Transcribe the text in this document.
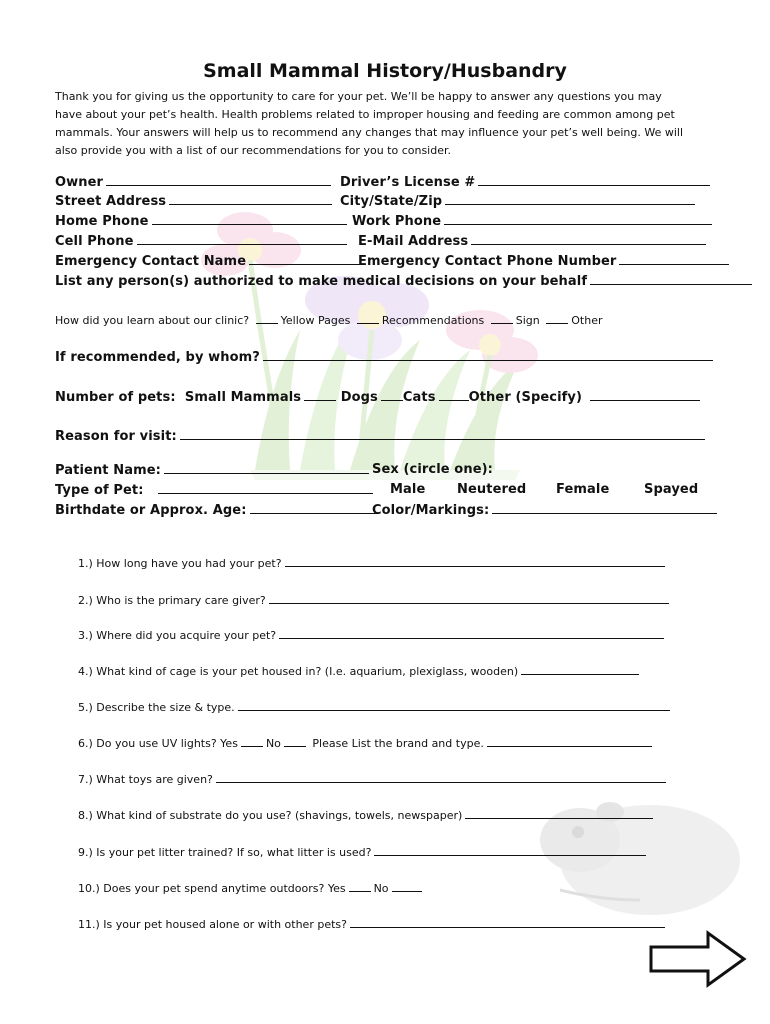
Small Mammal History/Husbandry
Thank you for giving us the opportunity to care for your pet. We’ll be happy to answer any questions you may
have about your pet’s health. Health problems related to improper housing and feeding are common among pet
mammals. Your answers will help us to recommend any changes that may influence your pet’s well being. We will
also provide you with a list of our recommendations for you to consider.
Owner	Driver’s License #
Street Address	City/State/Zip
Home Phone	Work Phone
Cell Phone	E-Mail Address
Emergency Contact Name	Emergency Contact Phone Number
List any person(s) authorized to make medical decisions on your behalf
How did you learn about our clinic?	Yellow Pages	Recommendations	Sign	Other
If recommended, by whom?
Number of pets: Small Mammals	Dogs Cats	Other (Specify)
Reason for visit:
Patient Name:	Sex (circle one):
Type of Pet:	Male Neutered Female	Spayed
Birthdate or Approx. Age:	Color/Markings:
1.) How long have you had your pet?
2.) Who is the primary care giver?
3.) Where did you acquire your pet?
4.) What kind of cage is your pet housed in? (I.e. aquarium, plexiglass, wooden)
5.) Describe the size & type.
6.) Do you use UV lights? Yes	No	Please List the brand and type.
7.) What toys are given?
8.) What kind of substrate do you use? (shavings, towels, newspaper)
9.) Is your pet litter trained? If so, what litter is used?
10.) Does your pet spend anytime outdoors? Yes	No
11.) Is your pet housed alone or with other pets?
